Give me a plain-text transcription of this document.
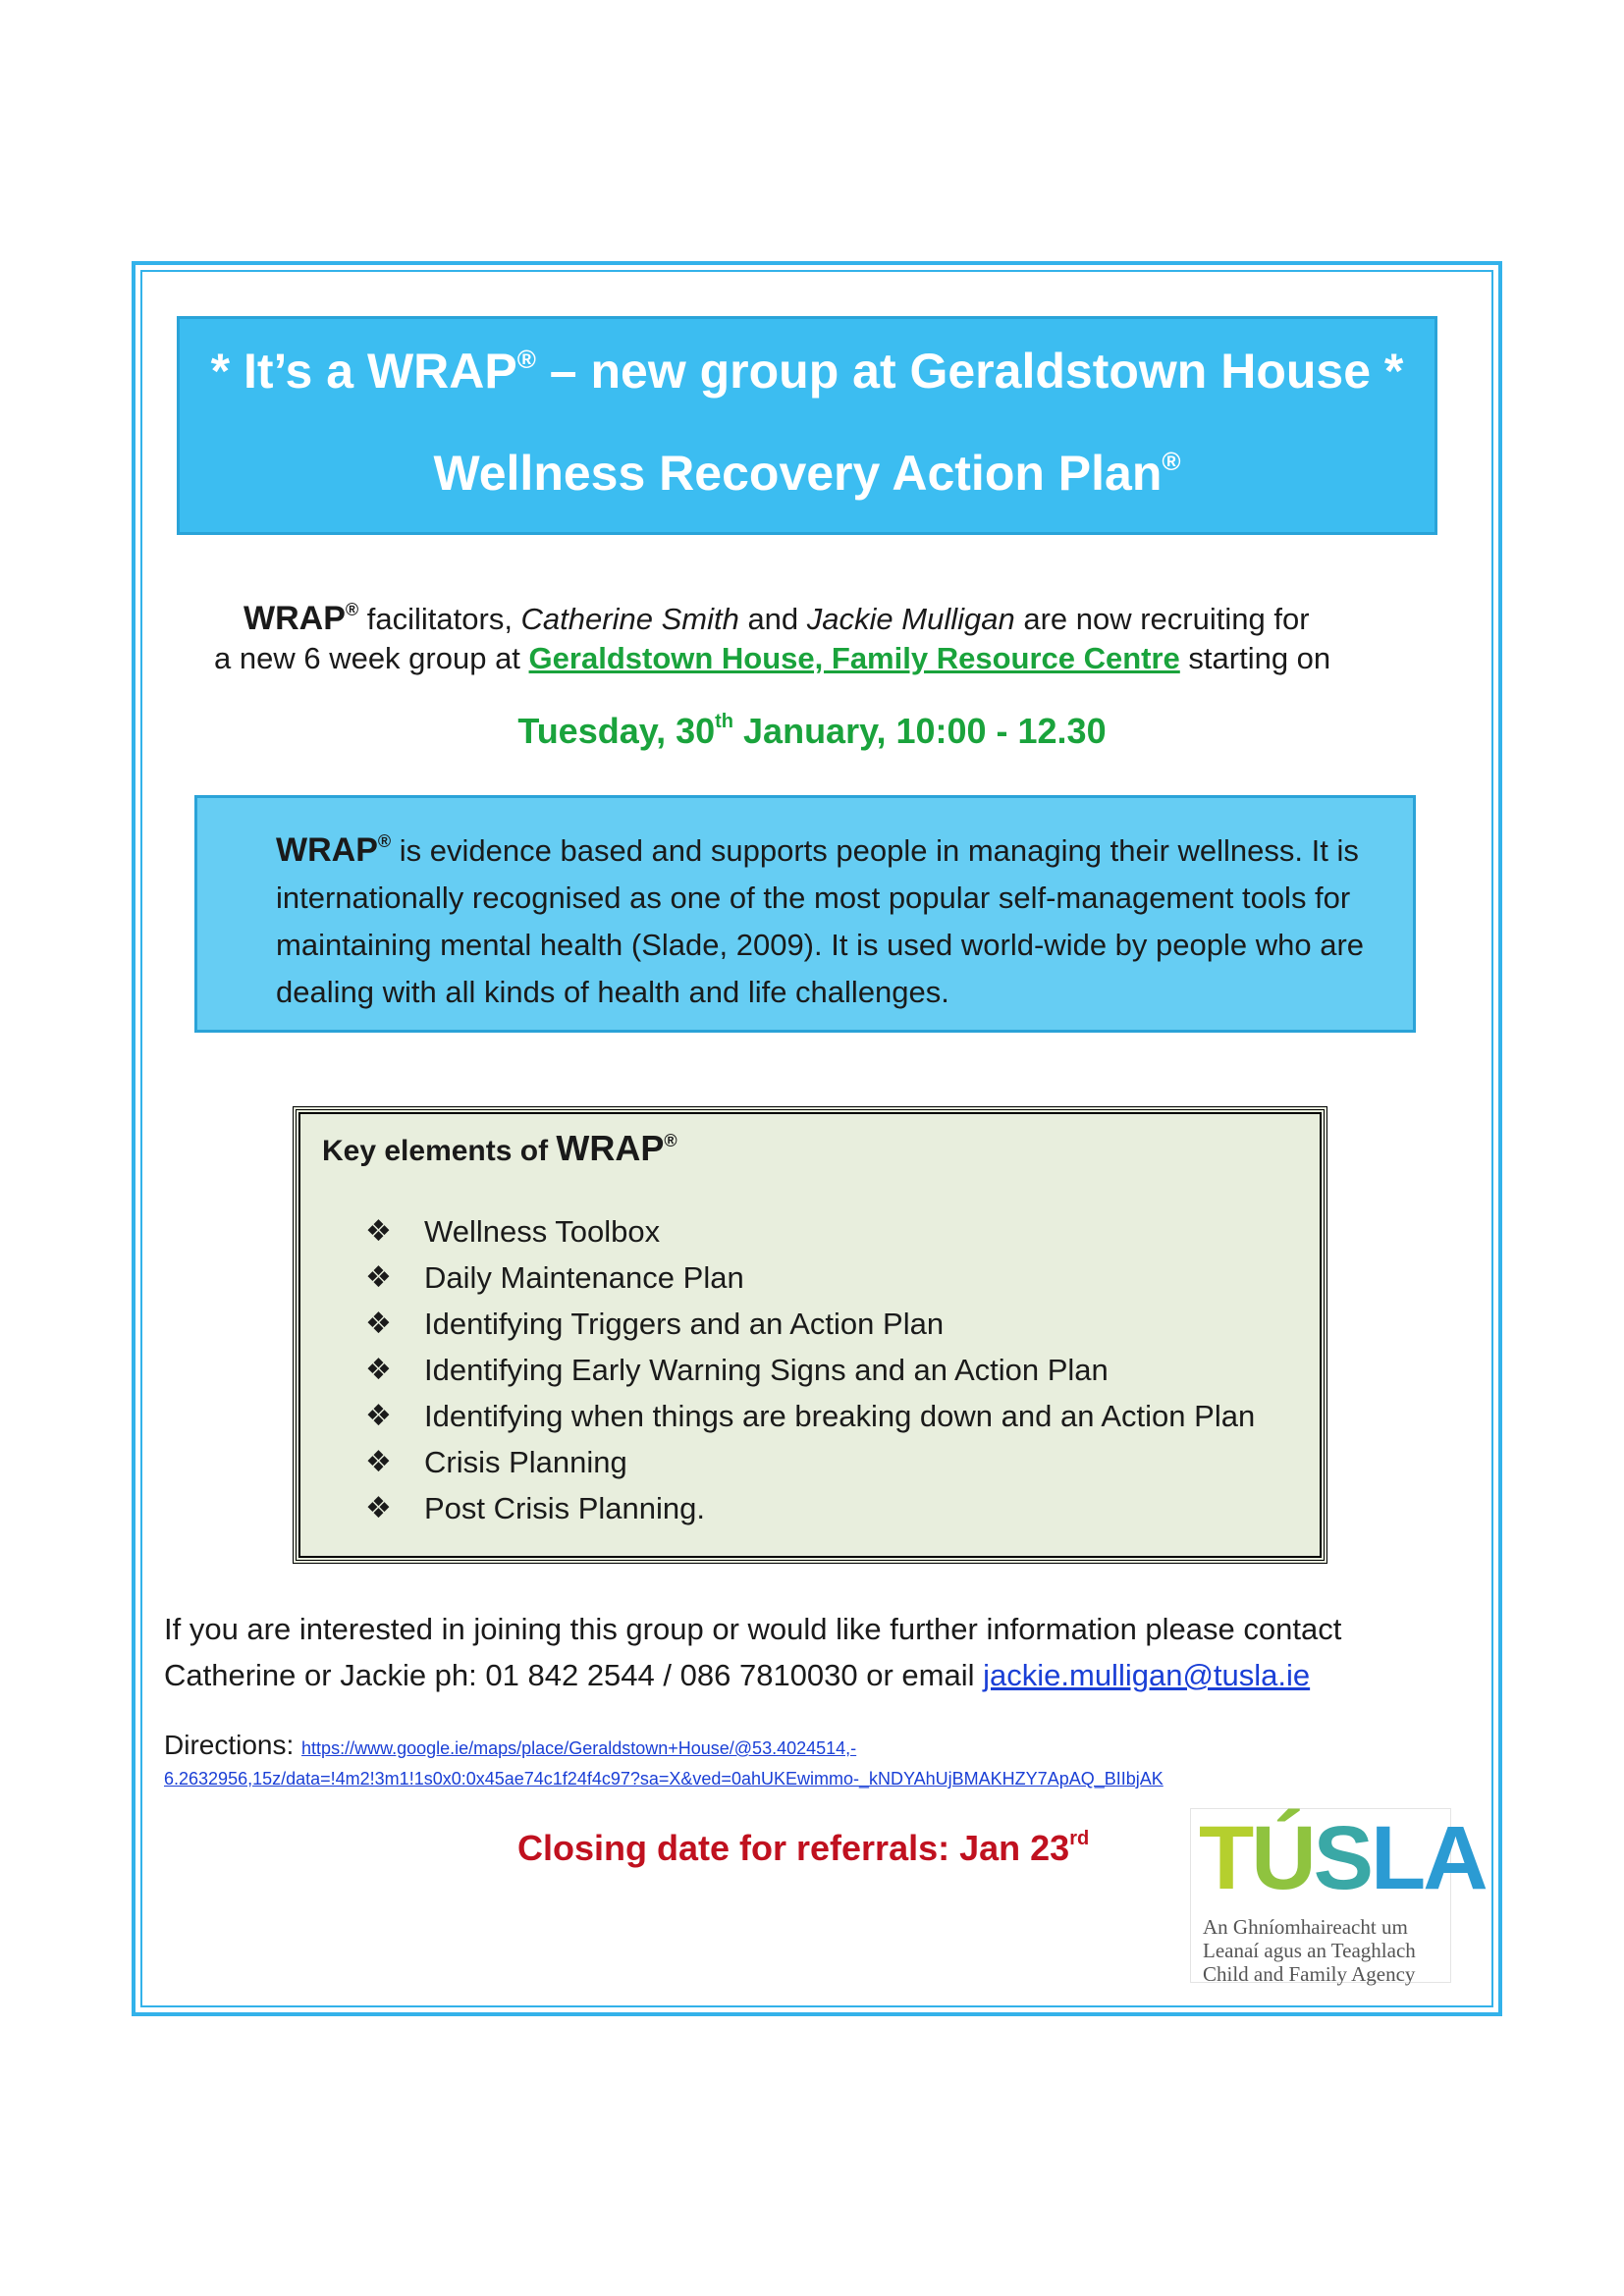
* It’s a WRAP® – new group at Geraldstown House *
Wellness Recovery Action Plan®
WRAP® facilitators, Catherine Smith and Jackie Mulligan are now recruiting for
a new 6 week group at Geraldstown House, Family Resource Centre starting on
Tuesday, 30th January, 10:00 - 12.30
WRAP® is evidence based and supports people in managing their wellness. It is internationally recognised as one of the most popular self-management tools for maintaining mental health (Slade, 2009). It is used world-wide by people who are dealing with all kinds of health and life challenges.
Key elements of WRAP®
❖	Wellness Toolbox
❖	Daily Maintenance Plan
❖	Identifying Triggers and an Action Plan
❖	Identifying Early Warning Signs and an Action Plan
❖	Identifying when things are breaking down and an Action Plan
❖	Crisis Planning
❖	Post Crisis Planning.
If you are interested in joining this group or would like further information please contact
Catherine or Jackie ph: 01 842 2544 / 086 7810030 or email jackie.mulligan@tusla.ie
Directions: https://www.google.ie/maps/place/Geraldstown+House/@53.4024514,-
6.2632956,15z/data=!4m2!3m1!1s0x0:0x45ae74c1f24f4c97?sa=X&ved=0ahUKEwimmo-_kNDYAhUjBMAKHZY7ApAQ_BIIbjAK
Closing date for referrals: Jan 23rd TÚSLA
An Ghníomhaireacht um
Leanaí agus an Teaghlach
Child and Family Agency
